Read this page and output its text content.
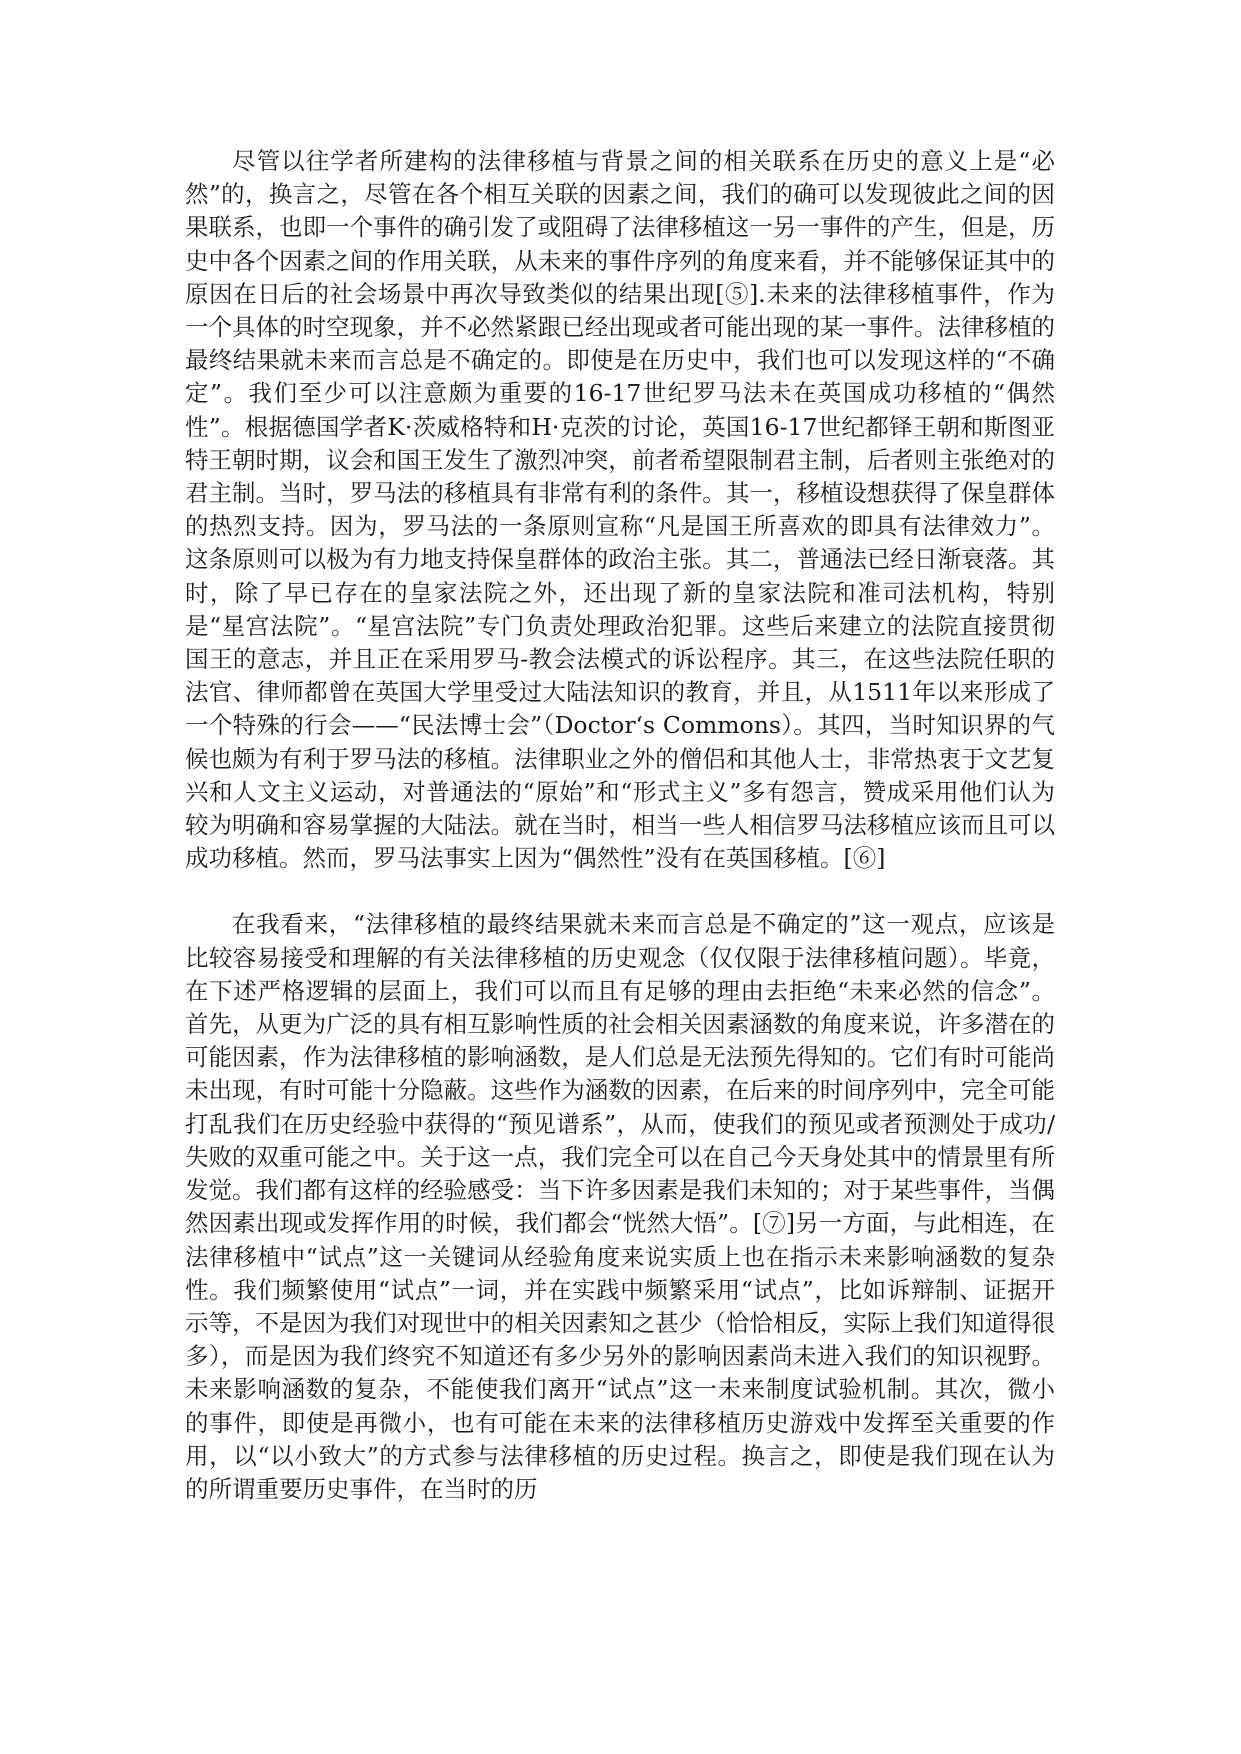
尽管以往学者所建构的法律移植与背景之间的相关联系在历史的意义上是“必然”的，换言之，尽管在各个相互关联的因素之间，我们的确可以发现彼此之间的因果联系，也即一个事件的确引发了或阻碍了法律移植这一另一事件的产生，但是，历史中各个因素之间的作用关联，从未来的事件序列的角度来看，并不能够保证其中的原因在日后的社会场景中再次导致类似的结果出现[⑤].未来的法律移植事件，作为一个具体的时空现象，并不必然紧跟已经出现或者可能出现的某一事件。法律移植的最终结果就未来而言总是不确定的。即使是在历史中，我们也可以发现这样的“不确定”。我们至少可以注意颇为重要的16-17世纪罗马法未在英国成功移植的“偶然性”。根据德国学者K·茨威格特和H·克茨的讨论，英国16-17世纪都铎王朝和斯图亚特王朝时期，议会和国王发生了激烈冲突，前者希望限制君主制，后者则主张绝对的君主制。当时，罗马法的移植具有非常有利的条件。其一，移植设想获得了保皇群体的热烈支持。因为，罗马法的一条原则宣称“凡是国王所喜欢的即具有法律效力”。这条原则可以极为有力地支持保皇群体的政治主张。其二，普通法已经日渐衰落。其时，除了早已存在的皇家法院之外，还出现了新的皇家法院和准司法机构，特别是“星宫法院”。“星宫法院”专门负责处理政治犯罪。这些后来建立的法院直接贯彻国王的意志，并且正在采用罗马-教会法模式的诉讼程序。其三，在这些法院任职的法官、律师都曾在英国大学里受过大陆法知识的教育，并且，从1511年以来形成了一个特殊的行会——“民法博士会”（Doctor‘s Commons）。其四，当时知识界的气候也颇为有利于罗马法的移植。法律职业之外的僧侣和其他人士，非常热衷于文艺复兴和人文主义运动，对普通法的“原始”和“形式主义”多有怨言，赞成采用他们认为较为明确和容易掌握的大陆法。就在当时，相当一些人相信罗马法移植应该而且可以成功移植。然而，罗马法事实上因为“偶然性”没有在英国移植。[⑥]

在我看来，“法律移植的最终结果就未来而言总是不确定的”这一观点，应该是比较容易接受和理解的有关法律移植的历史观念（仅仅限于法律移植问题）。毕竟，在下述严格逻辑的层面上，我们可以而且有足够的理由去拒绝“未来必然的信念”。首先，从更为广泛的具有相互影响性质的社会相关因素涵数的角度来说，许多潜在的可能因素，作为法律移植的影响涵数，是人们总是无法预先得知的。它们有时可能尚未出现，有时可能十分隐蔽。这些作为涵数的因素，在后来的时间序列中，完全可能打乱我们在历史经验中获得的“预见谱系”，从而，使我们的预见或者预测处于成功/失败的双重可能之中。关于这一点，我们完全可以在自己今天身处其中的情景里有所发觉。我们都有这样的经验感受：当下许多因素是我们未知的；对于某些事件，当偶然因素出现或发挥作用的时候，我们都会“恍然大悟”。[⑦]另一方面，与此相连，在法律移植中“试点”这一关键词从经验角度来说实质上也在指示未来影响涵数的复杂性。我们频繁使用“试点”一词，并在实践中频繁采用“试点”，比如诉辩制、证据开示等，不是因为我们对现世中的相关因素知之甚少（恰恰相反，实际上我们知道得很多），而是因为我们终究不知道还有多少另外的影响因素尚未进入我们的知识视野。未来影响涵数的复杂，不能使我们离开“试点”这一未来制度试验机制。其次，微小的事件，即使是再微小，也有可能在未来的法律移植历史游戏中发挥至关重要的作用，以“以小致大”的方式参与法律移植的历史过程。换言之，即使是我们现在认为的所谓重要历史事件，在当时的历
